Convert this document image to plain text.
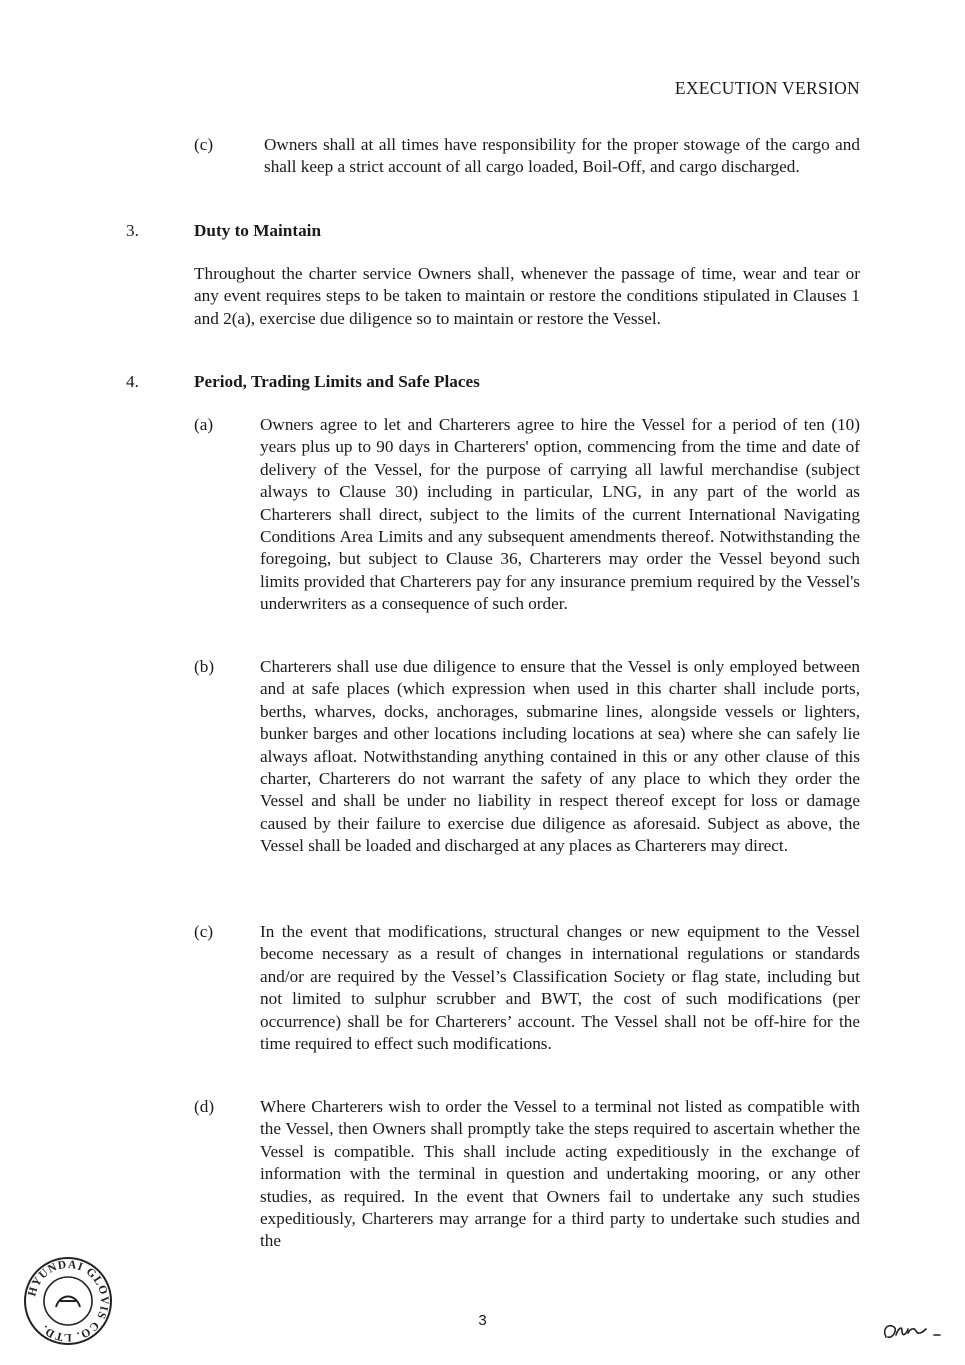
EXECUTION VERSION
(c)	Owners shall at all times have responsibility for the proper stowage of the cargo and shall keep a strict account of all cargo loaded, Boil-Off, and cargo discharged.
3.	Duty to Maintain
Throughout the charter service Owners shall, whenever the passage of time, wear and tear or any event requires steps to be taken to maintain or restore the conditions stipulated in Clauses 1 and 2(a), exercise due diligence so to maintain or restore the Vessel.
4.	Period, Trading Limits and Safe Places
(a)	Owners agree to let and Charterers agree to hire the Vessel for a period of ten (10) years plus up to 90 days in Charterers' option, commencing from the time and date of delivery of the Vessel, for the purpose of carrying all lawful merchandise (subject always to Clause 30) including in particular, LNG, in any part of the world as Charterers shall direct, subject to the limits of the current International Navigating Conditions Area Limits and any subsequent amendments thereof. Notwithstanding the foregoing, but subject to Clause 36, Charterers may order the Vessel beyond such limits provided that Charterers pay for any insurance premium required by the Vessel's underwriters as a consequence of such order.
(b)	Charterers shall use due diligence to ensure that the Vessel is only employed between and at safe places (which expression when used in this charter shall include ports, berths, wharves, docks, anchorages, submarine lines, alongside vessels or lighters, bunker barges and other locations including locations at sea) where she can safely lie always afloat. Notwithstanding anything contained in this or any other clause of this charter, Charterers do not warrant the safety of any place to which they order the Vessel and shall be under no liability in respect thereof except for loss or damage caused by their failure to exercise due diligence as aforesaid. Subject as above, the Vessel shall be loaded and discharged at any places as Charterers may direct.
(c)	In the event that modifications, structural changes or new equipment to the Vessel become necessary as a result of changes in international regulations or standards and/or are required by the Vessel’s Classification Society or flag state, including but not limited to sulphur scrubber and BWT, the cost of such modifications (per occurrence) shall be for Charterers’ account. The Vessel shall not be off-hire for the time required to effect such modifications.
(d)	Where Charterers wish to order the Vessel to a terminal not listed as compatible with the Vessel, then Owners shall promptly take the steps required to ascertain whether the Vessel is compatible. This shall include acting expeditiously in the exchange of information with the terminal in question and undertaking mooring, or any other studies, as required. In the event that Owners fail to undertake any such studies expeditiously, Charterers may arrange for a third party to undertake such studies and the
HYUNDAI GLOVIS CO. LTD.	3
